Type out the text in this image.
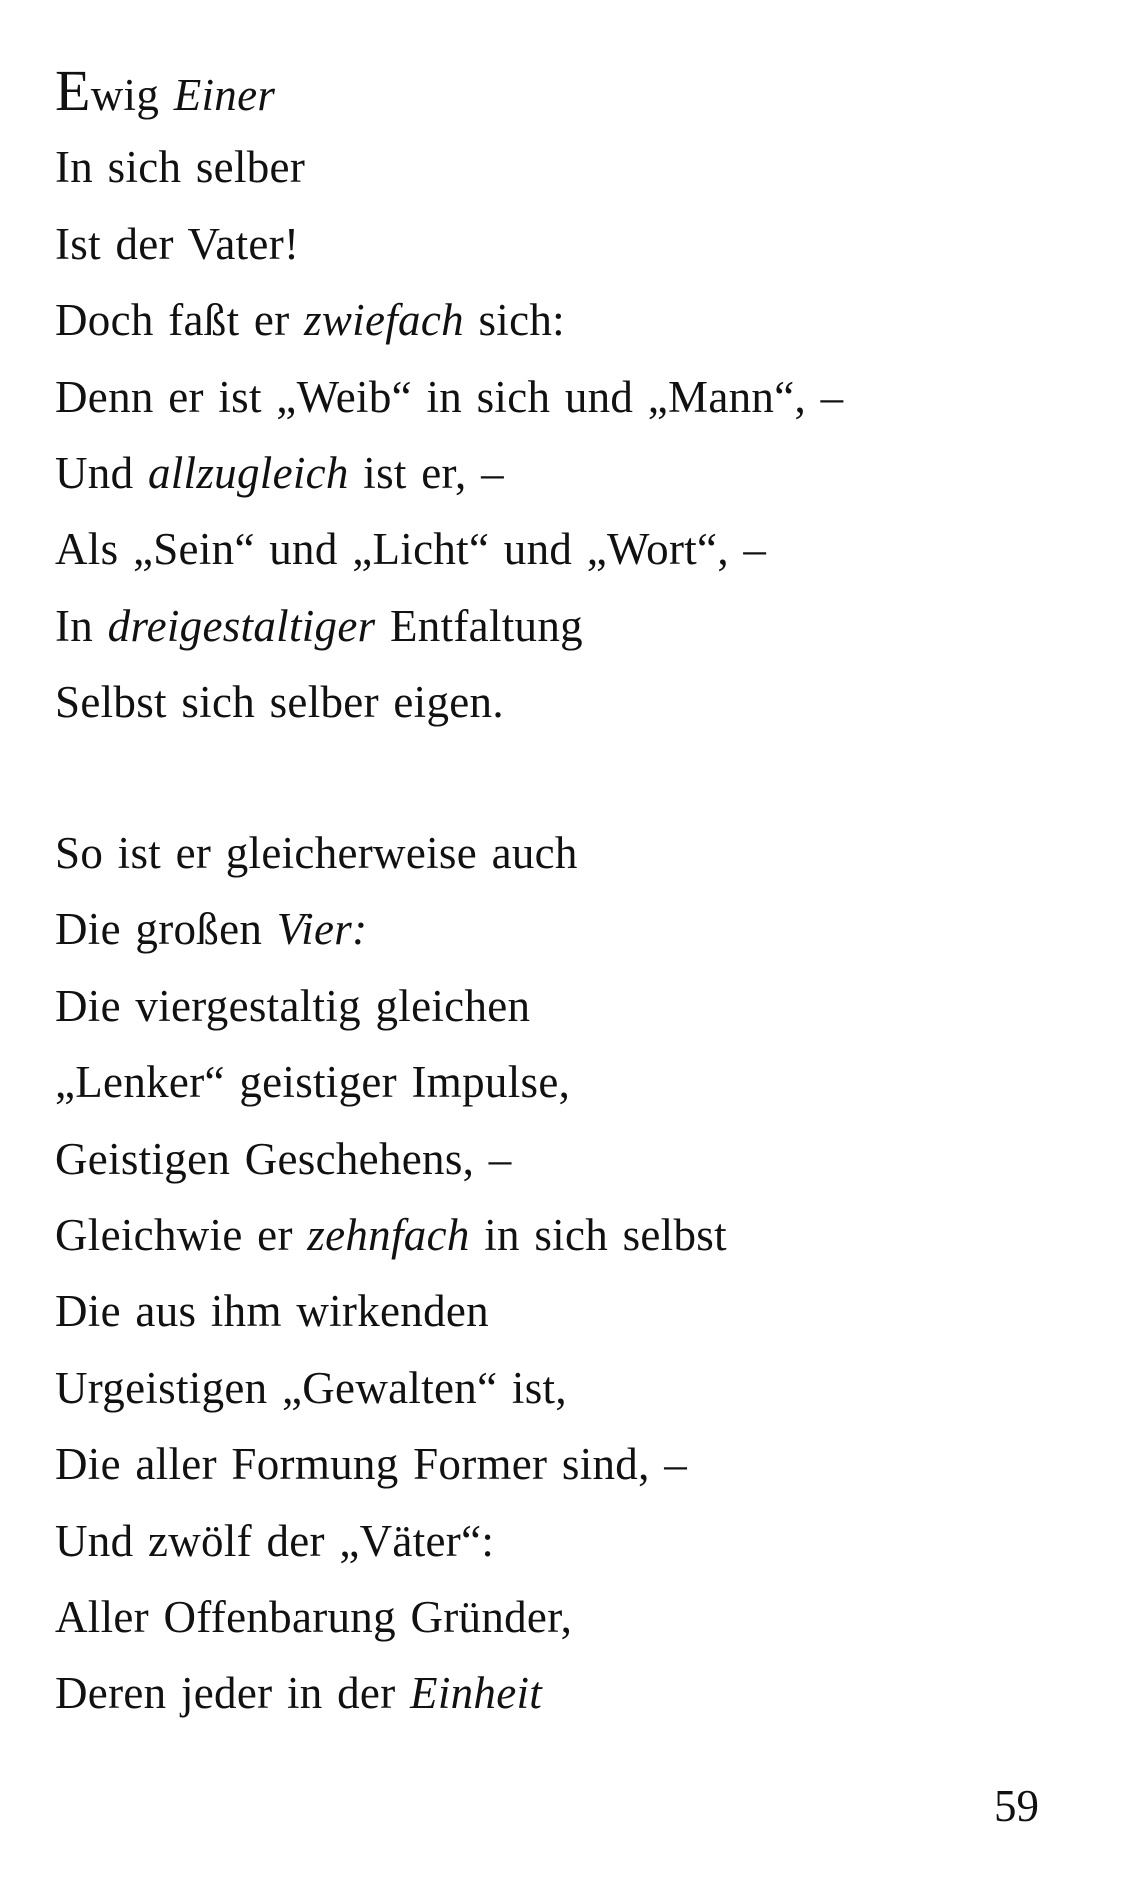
Ewig Einer
In sich selber
Ist der Vater!
Doch faßt er zwiefach sich:
Denn er ist „Weib“ in sich und „Mann“, –
Und allzugleich ist er, –
Als „Sein“ und „Licht“ und „Wort“, –
In dreigestaltiger Entfaltung
Selbst sich selber eigen.
So ist er gleicherweise auch
Die großen Vier:
Die viergestaltig gleichen
„Lenker“ geistiger Impulse,
Geistigen Geschehens, –
Gleichwie er zehnfach in sich selbst
Die aus ihm wirkenden
Urgeistigen „Gewalten“ ist,
Die aller Formung Former sind, –
Und zwölf der „Väter“:
Aller Offenbarung Gründer,
Deren jeder in der Einheit
59
